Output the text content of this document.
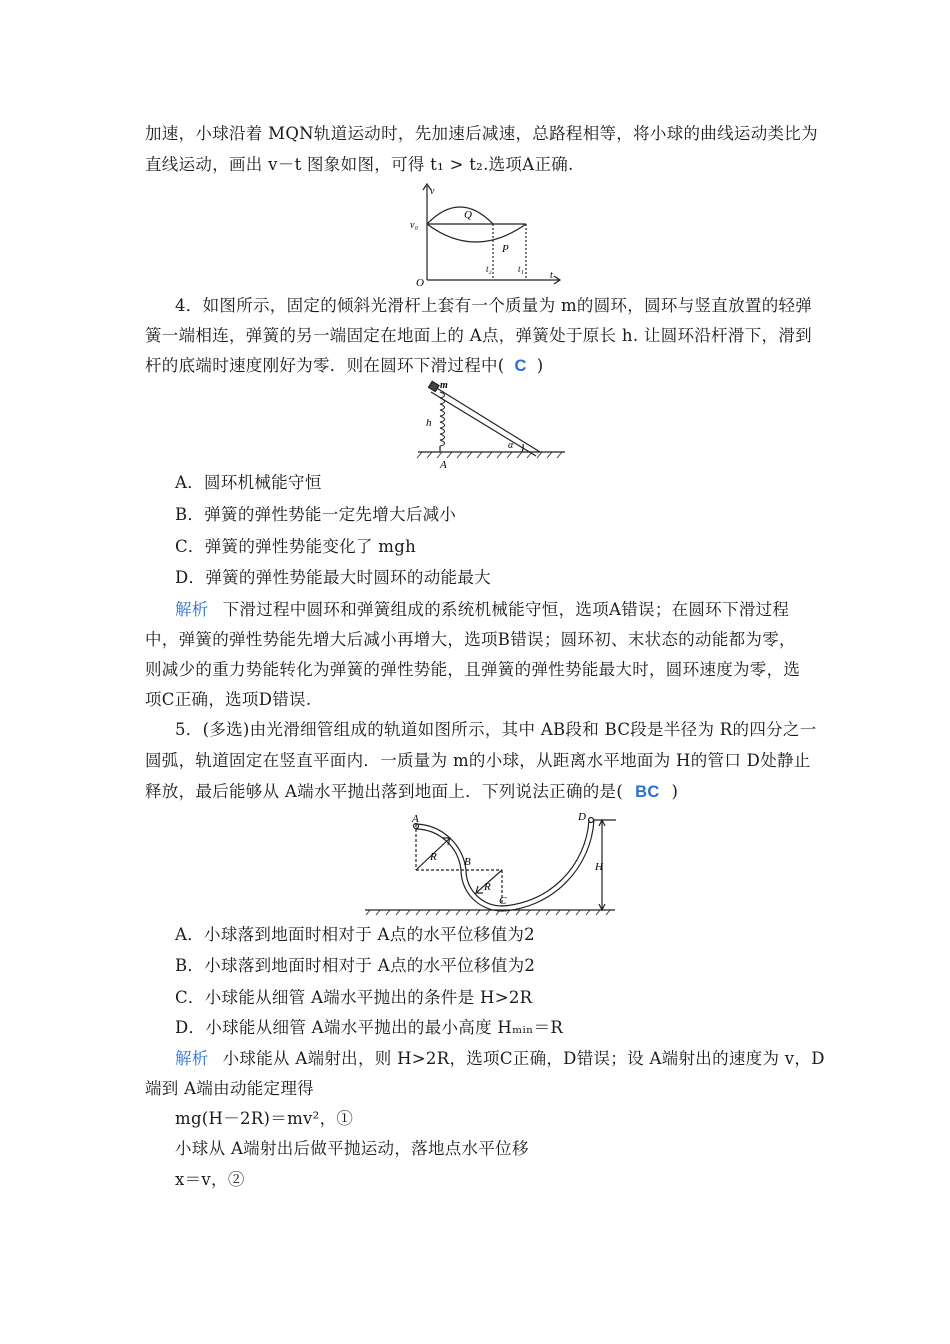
加速，小球沿着 MQN轨道运动时，先加速后减速，总路程相等，将小球的曲线运动类比为
直线运动，画出 v－t 图象如图，可得 t₁ > t₂.选项A正确.
v
v₀
Q
P
O
t
t₂	t₁
4．如图所示，固定的倾斜光滑杆上套有一个质量为 m的圆环，圆环与竖直放置的轻弹
簧一端相连，弹簧的另一端固定在地面上的 A点，弹簧处于原长 h. 让圆环沿杆滑下，滑到
杆的底端时速度刚好为零．则在圆环下滑过程中( C )
m
h
α
A
A．圆环机械能守恒
B．弹簧的弹性势能一定先增大后减小
C．弹簧的弹性势能变化了 mgh
D．弹簧的弹性势能最大时圆环的动能最大
解析 下滑过程中圆环和弹簧组成的系统机械能守恒，选项A错误；在圆环下滑过程
中，弹簧的弹性势能先增大后减小再增大，选项B错误；圆环初、末状态的动能都为零，
则减少的重力势能转化为弹簧的弹性势能，且弹簧的弹性势能最大时，圆环速度为零，选
项C正确，选项D错误.
5．(多选)由光滑细管组成的轨道如图所示，其中 AB段和 BC段是半径为 R的四分之一
圆弧，轨道固定在竖直平面内．一质量为 m的小球，从距离水平地面为 H的管口 D处静止
释放，最后能够从 A端水平抛出落到地面上．下列说法正确的是( BC )
A
B
C
D
R
R
H
A．小球落到地面时相对于 A点的水平位移值为2
B．小球落到地面时相对于 A点的水平位移值为2
C．小球能从细管 A端水平抛出的条件是 H>2R
D．小球能从细管 A端水平抛出的最小高度 Hₘᵢₙ＝R
解析 小球能从 A端射出，则 H>2R，选项C正确，D错误；设 A端射出的速度为 v，D
端到 A端由动能定理得
mg(H－2R)＝mv²，①
小球从 A端射出后做平抛运动，落地点水平位移
x＝v，②
